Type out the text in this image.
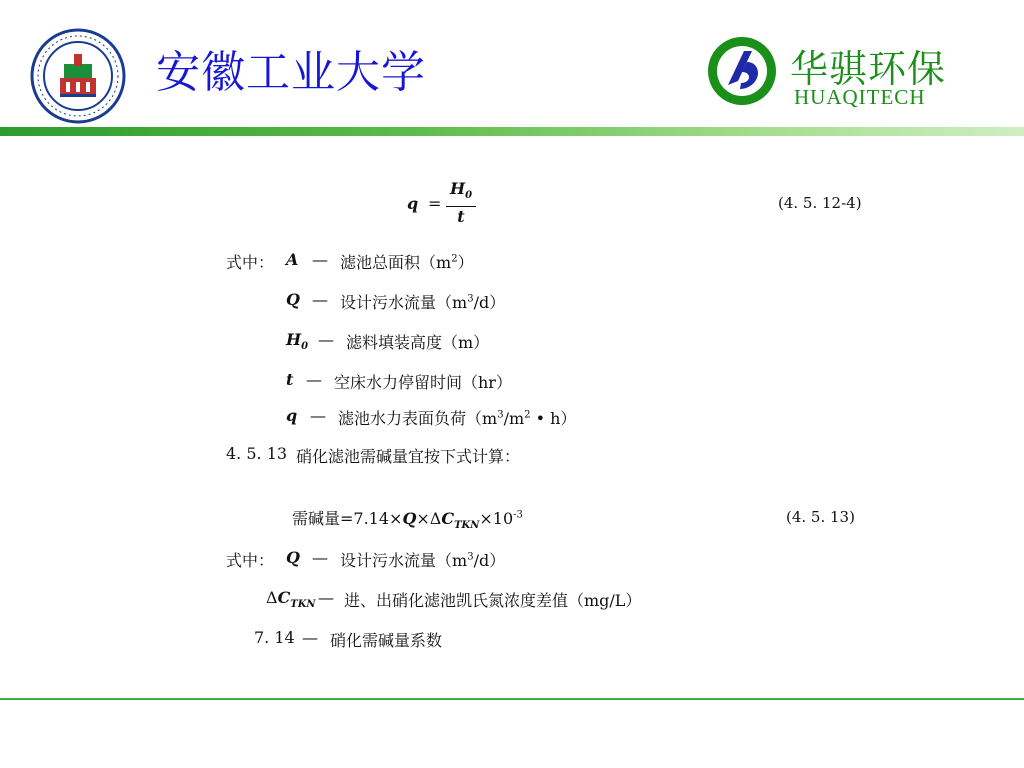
安徽工业大学	华骐环保
HUAQITECH
q =
$H_0$
t
(4. 5. 12-4)
式中： A — 滤池总面积$(m^2)$
Q — 设计污水流量$(m^3/d)$
$H_0$ — 滤料填装高度（m）
t — 空床水力停留时间（hr）
q — 滤池水力表面负荷（$m^3/m^2$ • h）
4. 5. 13 硝化滤池需碱量宜按下式计算：
需碱量$=7.14\times Q\times\Delta C_{TKN}\times 10^{-3}$	(4. 5. 13)
式中： Q — 设计污水流量$(m^3/d)$
$\Delta C_{TKN}$ — 进、出硝化滤池凯氏氮浓度差值（mg/L）
7. 14 — 硝化需碱量系数
